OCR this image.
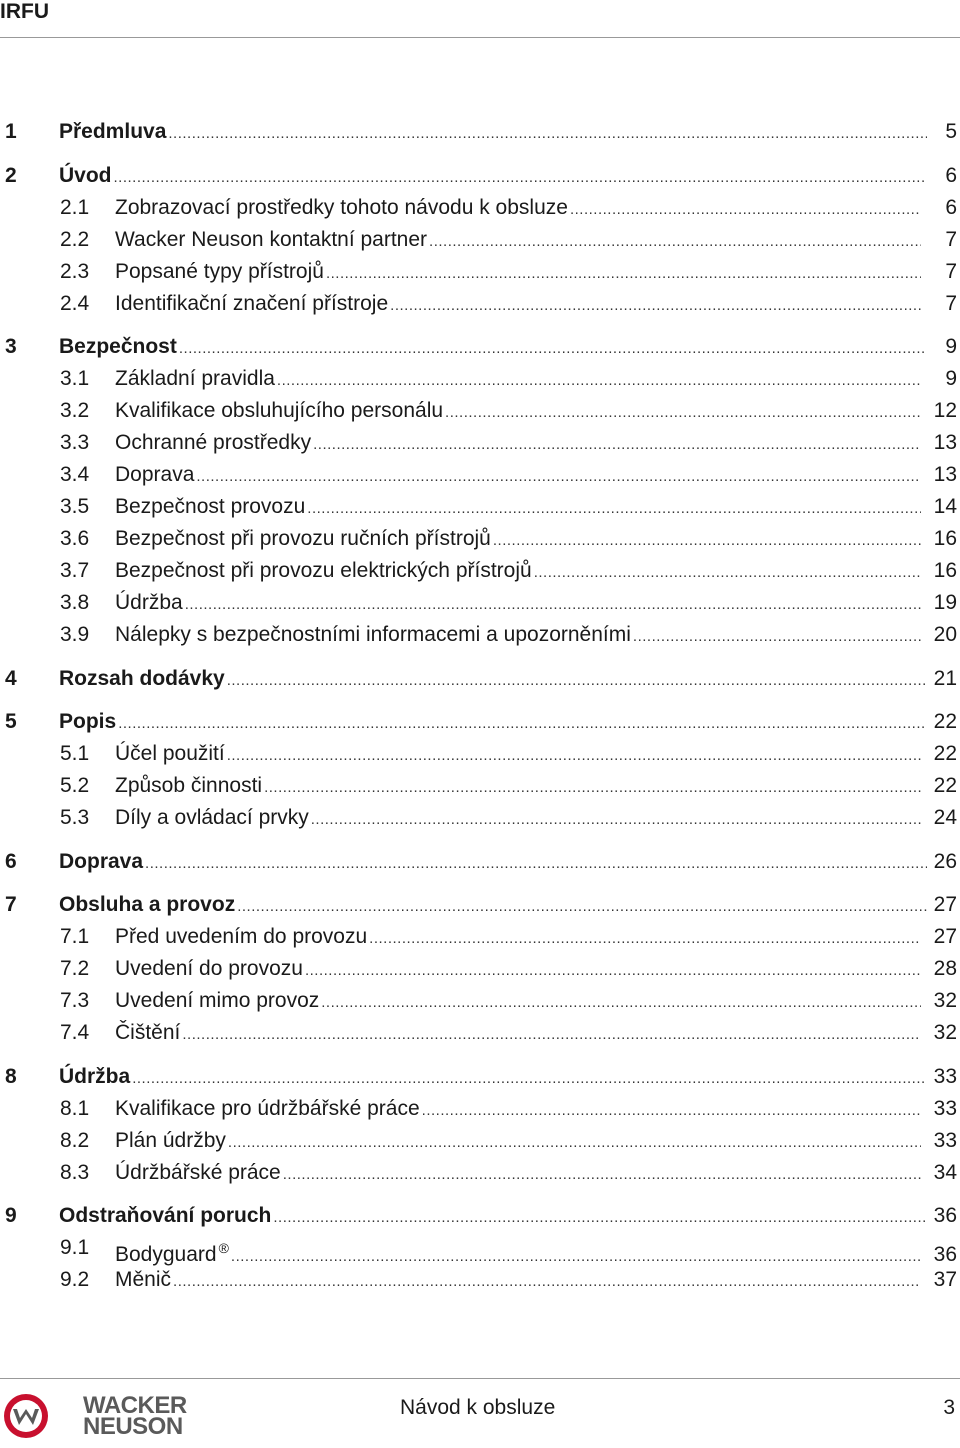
IRFU
1 Předmluva .....	5
2 Úvod .....	6
2.1 Zobrazovací prostředky tohoto návodu k obsluze .....	6
2.2 Wacker Neuson kontaktní partner .....	7
2.3 Popsané typy přístrojů .....	7
2.4 Identifikační značení přístroje .....	7
3 Bezpečnost .....	9
3.1 Základní pravidla .....	9
3.2 Kvalifikace obsluhujícího personálu .....	12
3.3 Ochranné prostředky .....	13
3.4 Doprava .....	13
3.5 Bezpečnost provozu .....	14
3.6 Bezpečnost při provozu ručních přístrojů .....	16
3.7 Bezpečnost při provozu elektrických přístrojů .....	16
3.8 Údržba .....	19
3.9 Nálepky s bezpečnostními informacemi a upozorněními .....	20
4 Rozsah dodávky .....	21
5 Popis .....	22
5.1 Účel použití .....	22
5.2 Způsob činnosti .....	22
5.3 Díly a ovládací prvky .....	24
6 Doprava .....	26
7 Obsluha a provoz .....	27
7.1 Před uvedením do provozu .....	27
7.2 Uvedení do provozu .....	28
7.3 Uvedení mimo provoz .....	32
7.4 Čištění .....	32
8 Údržba .....	33
8.1 Kvalifikace pro údržbářské práce .....	33
8.2 Plán údržby .....	33
8.3 Údržbářské práce .....	34
9 Odstraňování poruch .....	36
9.1 Bodyguard ® .....	36
9.2 Měnič .....	37
WACKER
NEUSON
Návod k obsluze	3
